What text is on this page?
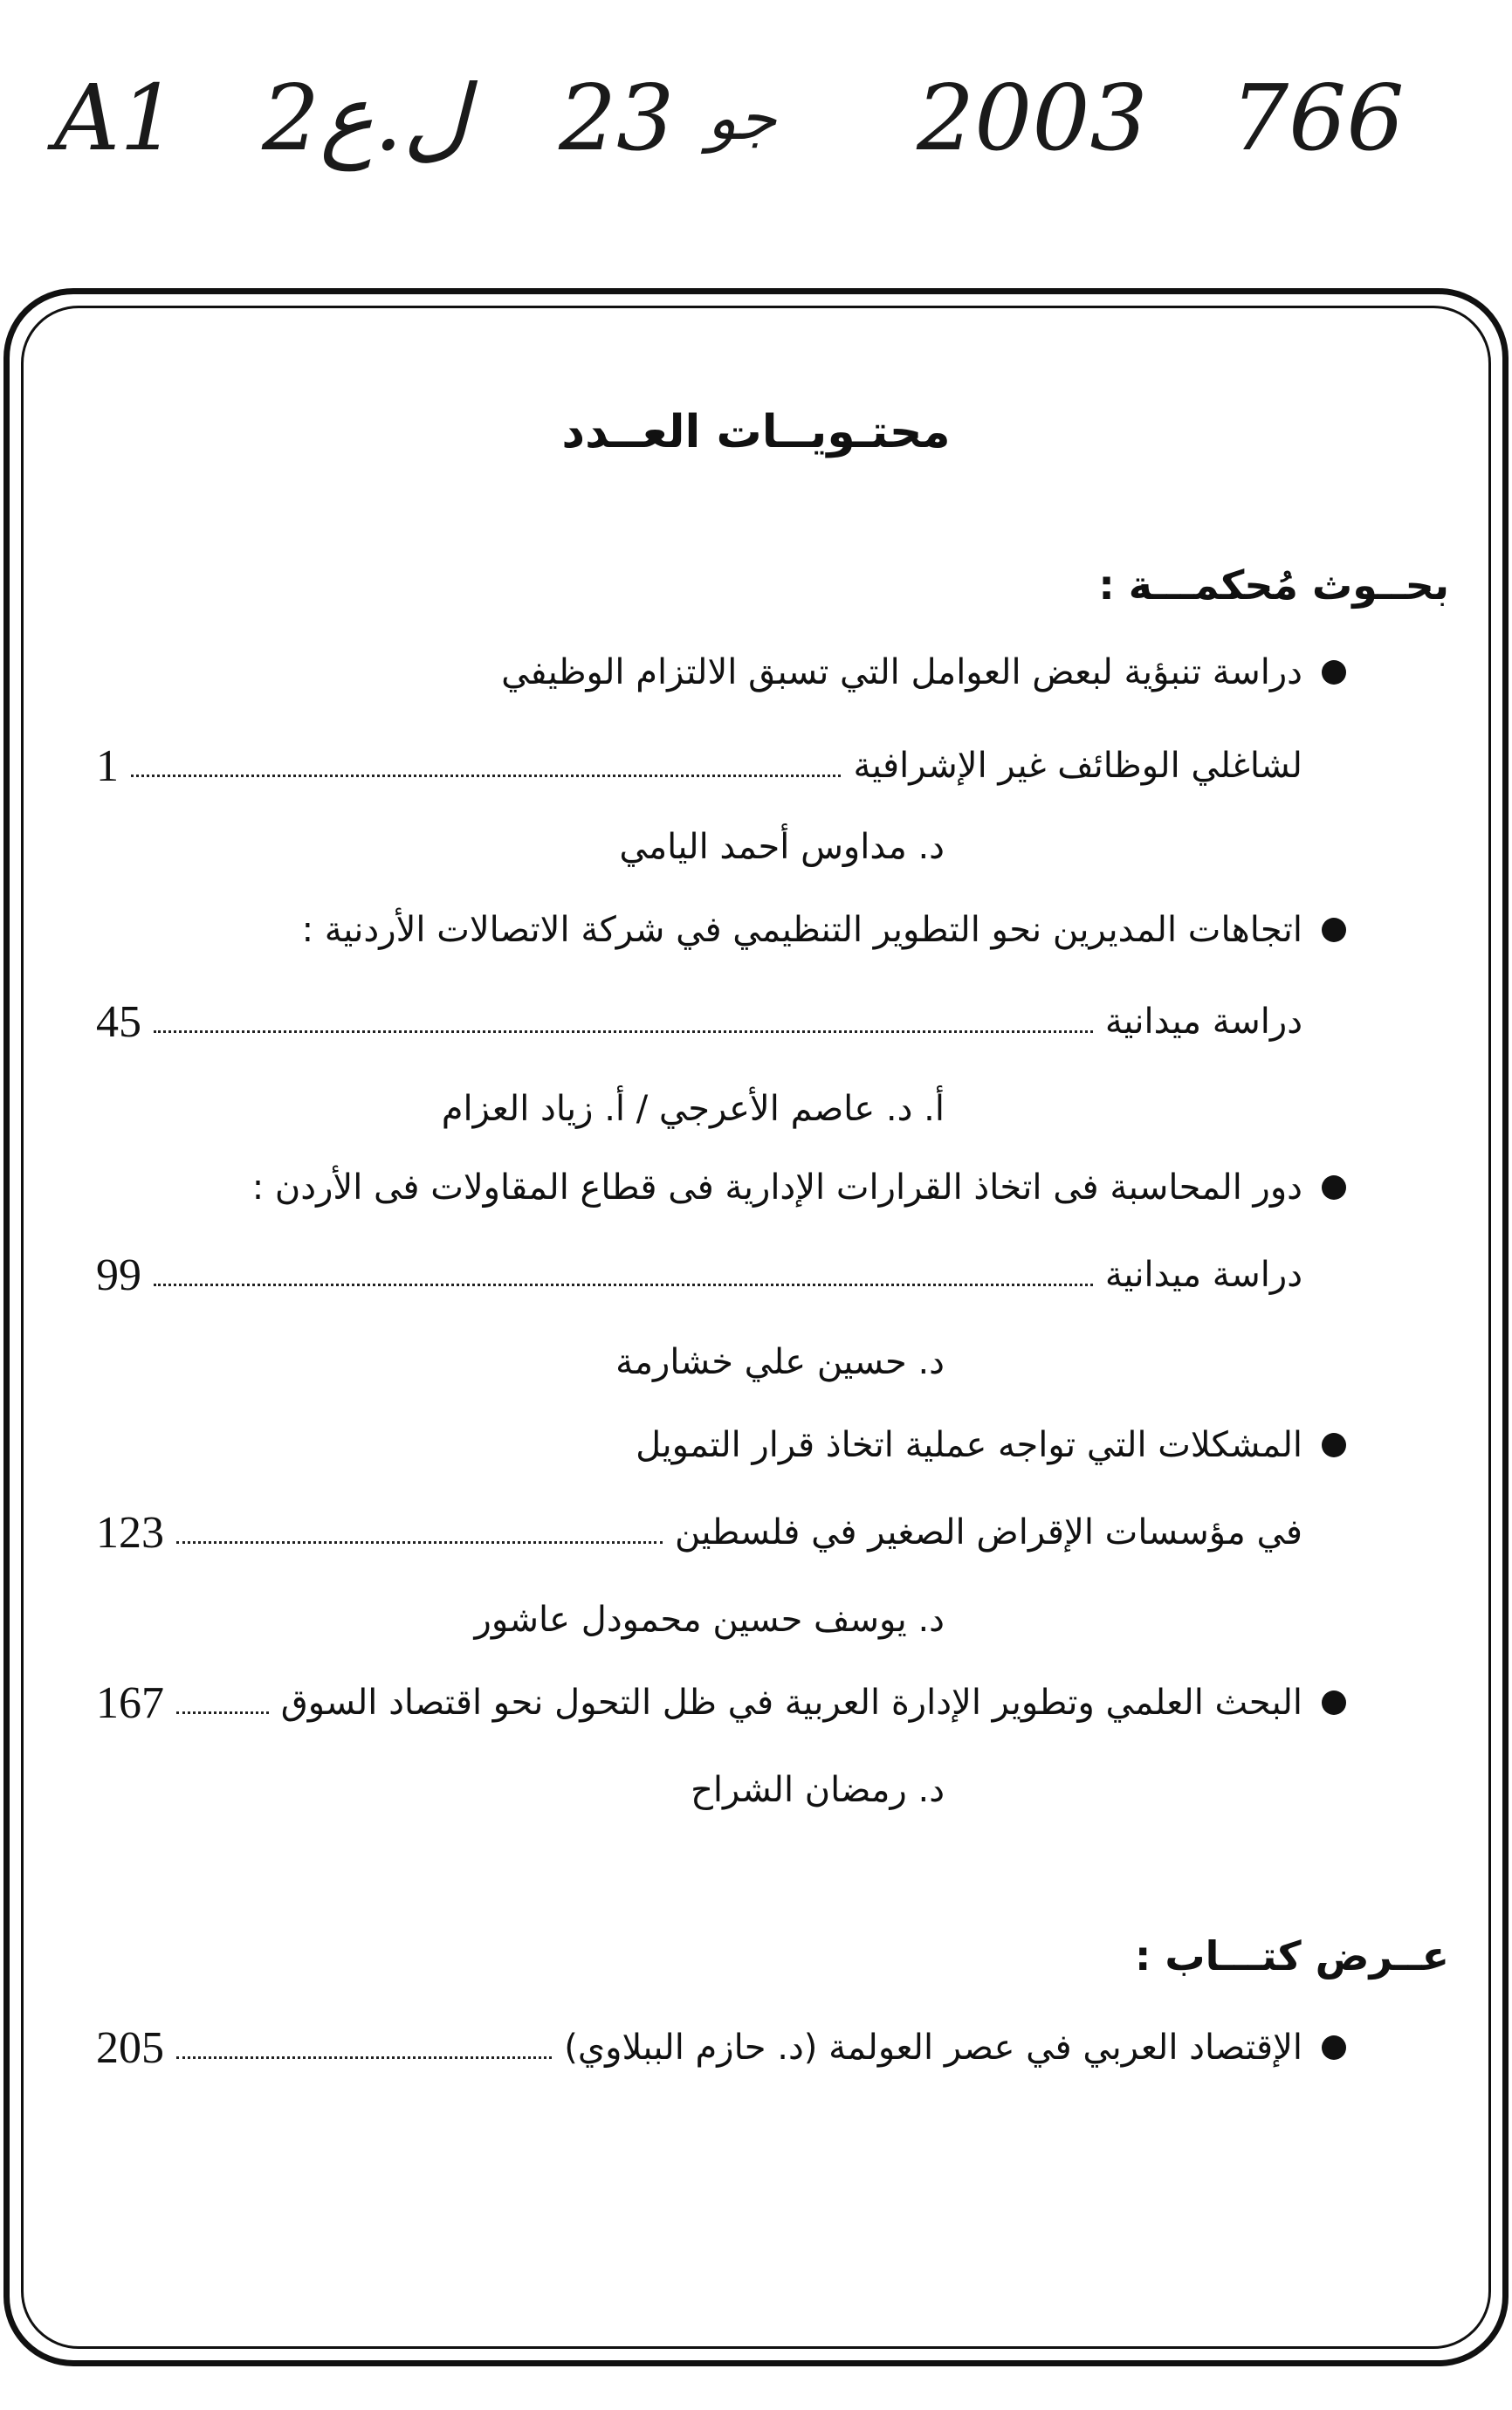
A1 2ل.ع 23 جو 2003 766
محتـويــات العــدد
بحــوث مُحكمـــة :
دراسة تنبؤية لبعض العوامل التي تسبق الالتزام الوظيفي
لشاغلي الوظائف غير الإشرافية
1
د. مداوس أحمد اليامي
اتجاهات المديرين نحو التطوير التنظيمي في شركة الاتصالات الأردنية :
دراسة ميدانية
45
أ. د. عاصم الأعرجي / أ. زياد العزام
دور المحاسبة فى اتخاذ القرارات الإدارية فى قطاع المقاولات فى الأردن :
دراسة ميدانية
99
د. حسين علي خشارمة
المشكلات التي تواجه عملية اتخاذ قرار التمويل
في مؤسسات الإقراض الصغير في فلسطين
123
د. يوسف حسين محمودل عاشور
البحث العلمي وتطوير الإدارة العربية في ظل التحول نحو اقتصاد السوق
167
د. رمضان الشراح
عــرض كتـــاب :
الإقتصاد العربي في عصر العولمة (د. حازم الببلاوي)
205
